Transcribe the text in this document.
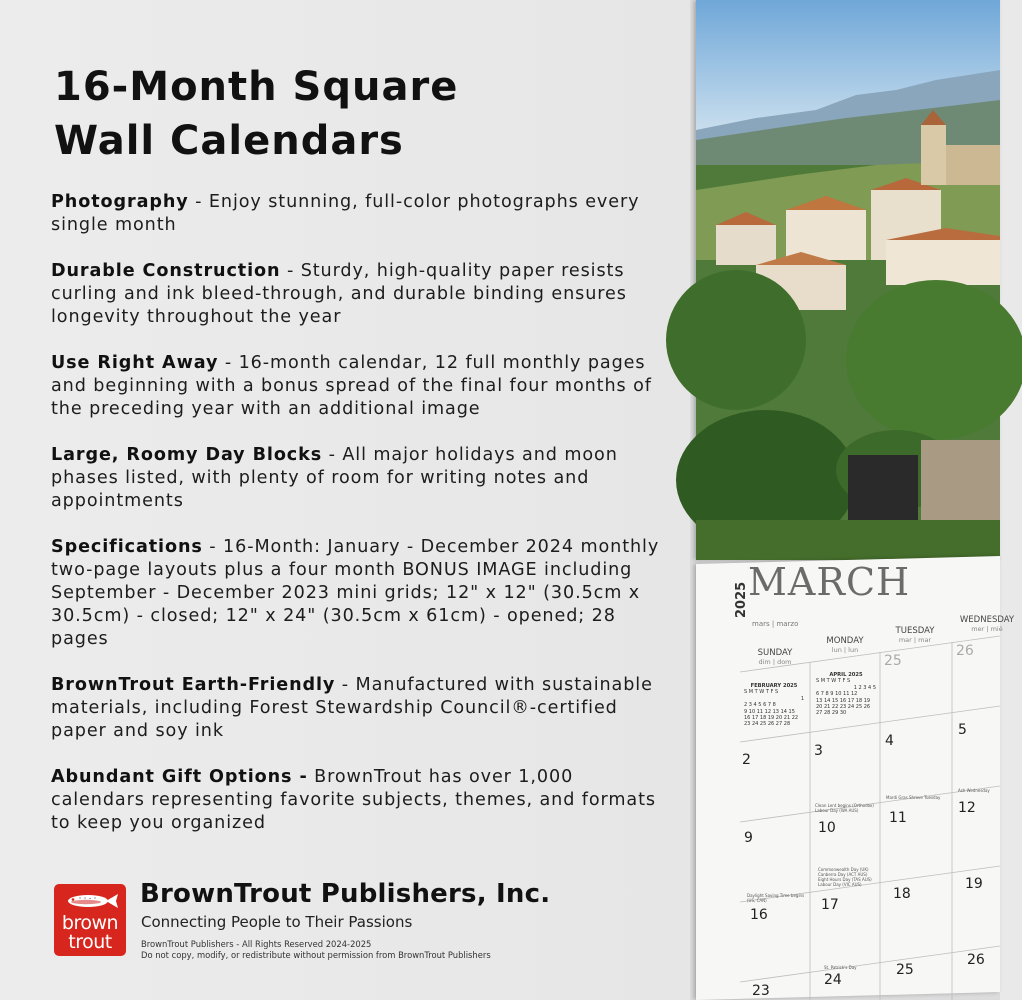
16-Month Square
Wall Calendars
Photography - Enjoy stunning, full-color photographs every single month
Durable Construction - Sturdy, high-quality paper resists curling and ink bleed-through, and durable binding ensures longevity throughout the year
Use Right Away - 16-month calendar, 12 full monthly pages and beginning with a bonus spread of the final four months of the preceding year with an additional image
Large, Roomy Day Blocks - All major holidays and moon phases listed, with plenty of room for writing notes and appointments
Specifications - 16-Month: January - December 2024 monthly two-page layouts plus a four month BONUS IMAGE including September - December 2023 mini grids; 12" x 12" (30.5cm x 30.5cm) - closed; 12" x 24" (30.5cm x 61cm) - opened; 28 pages
BrownTrout Earth-Friendly - Manufactured with sustainable materials, including Forest Stewardship Council®-certified paper and soy ink
Abundant Gift Options - BrownTrout has over 1,000 calendars representing favorite subjects, themes, and formats to keep you organized
brown
trout
BrownTrout Publishers, Inc.
Connecting People to Their Passions
BrownTrout Publishers - All Rights Reserved 2024-2025
Do not copy, modify, or redistribute without permission from BrownTrout Publishers
2025 MARCH
mars | marzo
SUNDAY
dim | dom
MONDAY
lun | lun
TUESDAY
mar | mar
WEDNESDAY
mer | mié
FEBRUARY 2025
S M T W T F S
1
2 3 4 5 6 7 8
9 10 11 12 13 14 15
16 17 18 19 20 21 22
23 24 25 26 27 28
APRIL 2025
S M T W T F S
1 2 3 4 5
6 7 8 9 10 11 12
13 14 15 16 17 18 19
20 21 22 23 24 25 26
27 28 29 30
25
26
2
3
4
5
9
10
11
12
16
17
18
19
23
24
25
26
Clean Lent begins (Orthodox) Labour Day (WA AUS)
Mardi Gras Shrove Tuesday
Ash Wednesday
Daylight Saving Time begins (US, CAN)
Commonwealth Day (UK) Canberra Day (ACT AUS) Eight Hours Day (TAS AUS) Labour Day (VIC AUS)
St. Patrick's Day
